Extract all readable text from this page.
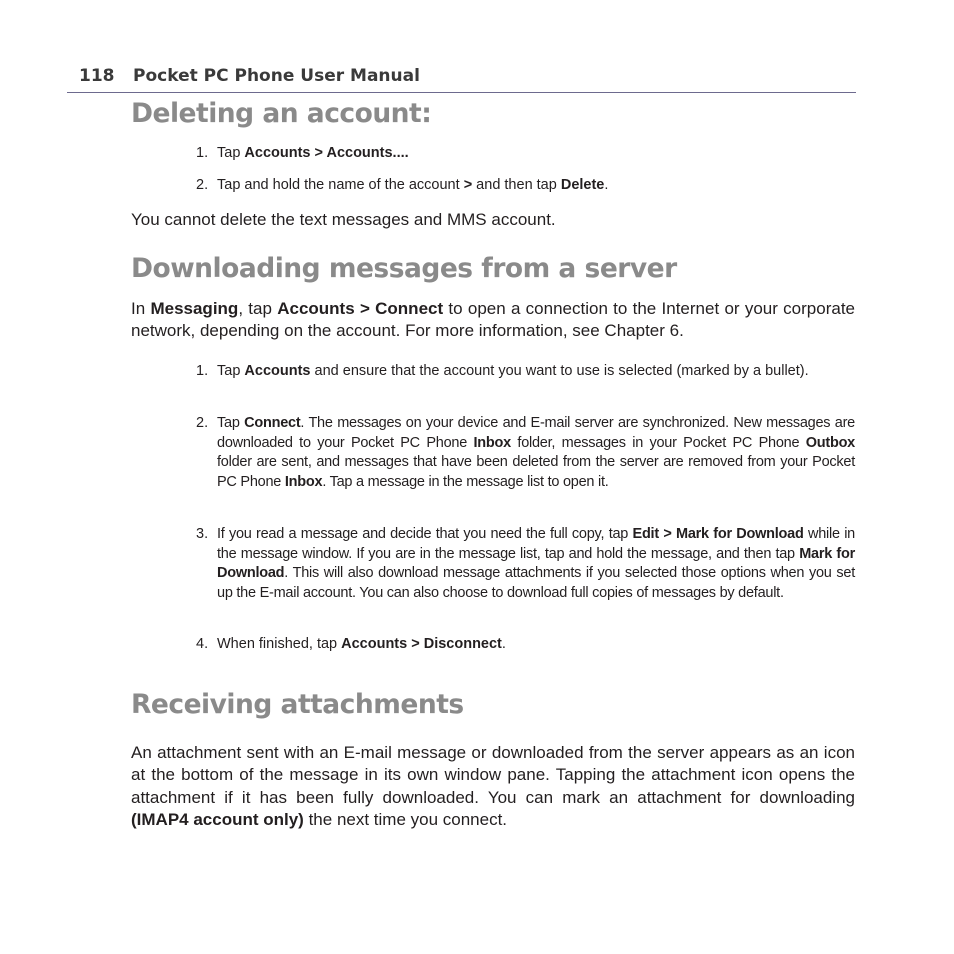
118 Pocket PC Phone User Manual
Deleting an account:

1. Tap Accounts > Accounts....

2. Tap and hold the name of the account > and then tap Delete.

You cannot delete the text messages and MMS account.

Downloading messages from a server

In Messaging, tap Accounts > Connect to open a connection to the Internet or your corporate network, depending on the account. For more information, see Chapter 6.

1. Tap Accounts and ensure that the account you want to use is selected (marked by a bullet).

2. Tap Connect. The messages on your device and E-mail server are synchronized. New messages are downloaded to your Pocket PC Phone Inbox folder, messages in your Pocket PC Phone Outbox folder are sent, and messages that have been deleted from the server are removed from your Pocket PC Phone Inbox. Tap a message in the message list to open it.

3. If you read a message and decide that you need the full copy, tap Edit > Mark for Download while in the message window. If you are in the message list, tap and hold the message, and then tap Mark for Download. This will also download message attachments if you selected those options when you set up the E-mail account. You can also choose to download full copies of messages by default.

4. When finished, tap Accounts > Disconnect.

Receiving attachments

An attachment sent with an E-mail message or downloaded from the server appears as an icon at the bottom of the message in its own window pane. Tapping the attachment icon opens the attachment if it has been fully downloaded. You can mark an attachment for downloading (IMAP4 account only) the next time you connect.
